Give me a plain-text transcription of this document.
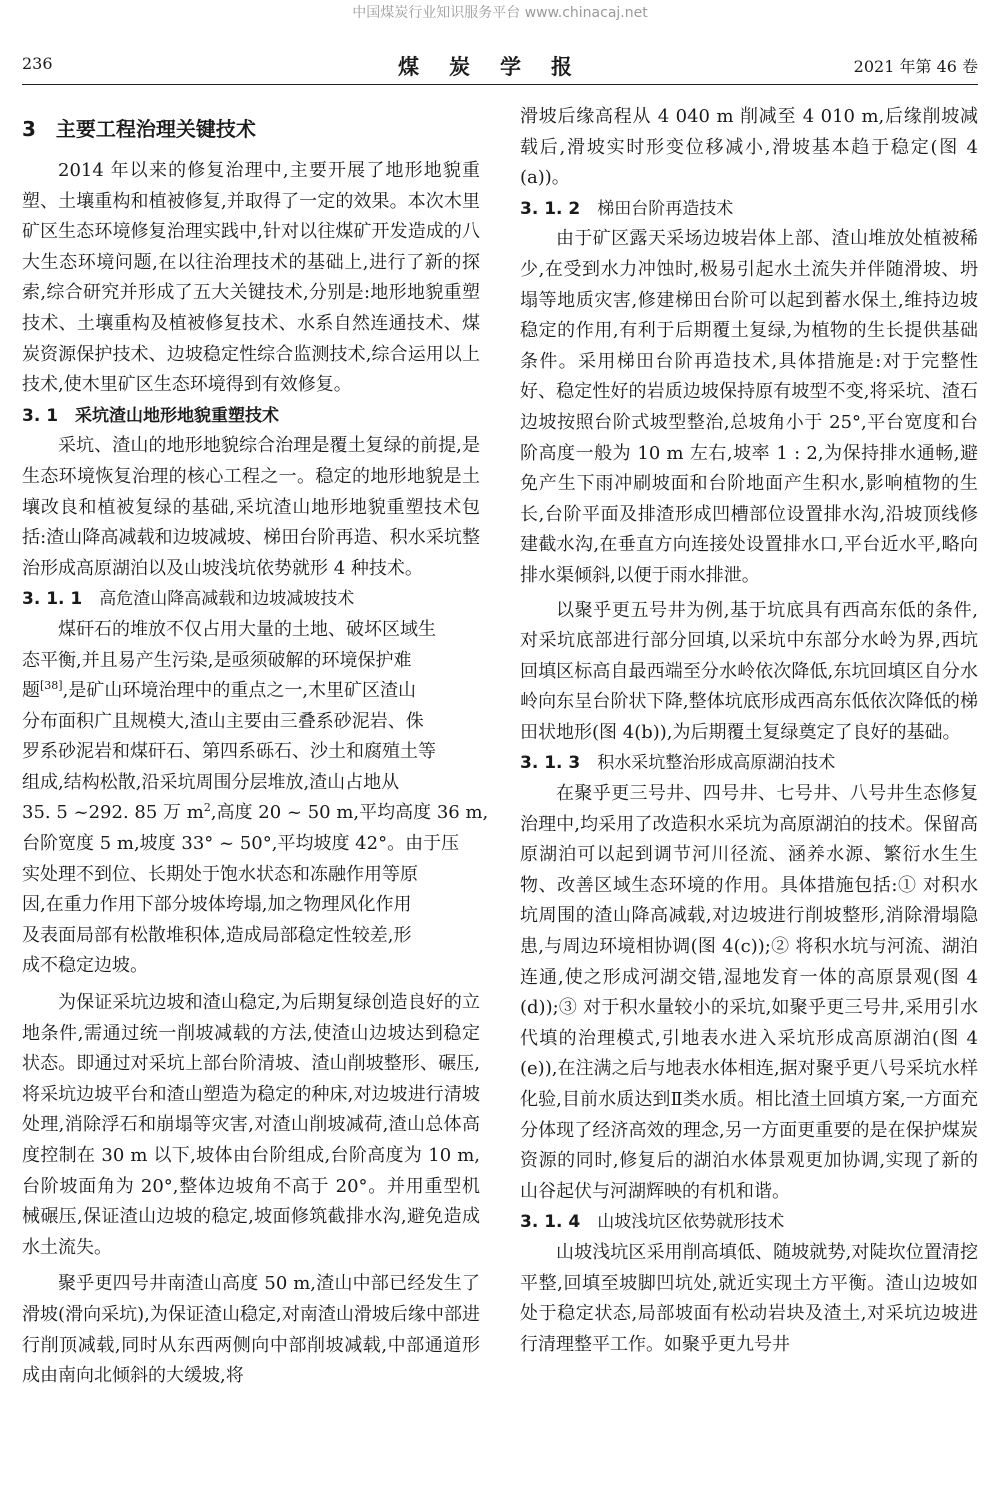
中国煤炭行业知识服务平台 www.chinacaj.net
236	煤炭学报	2021 年第 46 卷
3  主要工程治理关键技术

2014 年以来的修复治理中,主要开展了地形地貌重塑、土壤重构和植被修复,并取得了一定的效果。本次木里矿区生态环境修复治理实践中,针对以往煤矿开发造成的八大生态环境问题,在以往治理技术的基础上,进行了新的探索,综合研究并形成了五大关键技术,分别是:地形地貌重塑技术、土壤重构及植被修复技术、水系自然连通技术、煤炭资源保护技术、边坡稳定性综合监测技术,综合运用以上技术,使木里矿区生态环境得到有效修复。

3. 1  采坑渣山地形地貌重塑技术

采坑、渣山的地形地貌综合治理是覆土复绿的前提,是生态环境恢复治理的核心工程之一。稳定的地形地貌是土壤改良和植被复绿的基础,采坑渣山地形地貌重塑技术包括:渣山降高减载和边坡减坡、梯田台阶再造、积水采坑整治形成高原湖泊以及山坡浅坑依势就形 4 种技术。

3. 1. 1  高危渣山降高减载和边坡减坡技术

煤矸石的堆放不仅占用大量的土地、破坏区域生
态平衡,并且易产生污染,是亟须破解的环境保护难
题[38],是矿山环境治理中的重点之一,木里矿区渣山
分布面积广且规模大,渣山主要由三叠系砂泥岩、侏
罗系砂泥岩和煤矸石、第四系砾石、沙土和腐殖土等
组成,结构松散,沿采坑周围分层堆放,渣山占地从
35. 5 ~292. 85 万 $m^2$,高度 20 ~ 50 m,平均高度 36 m,
台阶宽度 5 m,坡度 33° ~ 50°,平均坡度 42°。由于压
实处理不到位、长期处于饱水状态和冻融作用等原
因,在重力作用下部分坡体垮塌,加之物理风化作用
及表面局部有松散堆积体,造成局部稳定性较差,形
成不稳定边坡。

为保证采坑边坡和渣山稳定,为后期复绿创造良好的立地条件,需通过统一削坡减载的方法,使渣山边坡达到稳定状态。即通过对采坑上部台阶清坡、渣山削坡整形、碾压,将采坑边坡平台和渣山塑造为稳定的种床,对边坡进行清坡处理,消除浮石和崩塌等灾害,对渣山削坡减荷,渣山总体高度控制在 30 m 以下,坡体由台阶组成,台阶高度为 10 m,台阶坡面角为 20°,整体边坡角不高于 20°。并用重型机械碾压,保证渣山边坡的稳定,坡面修筑截排水沟,避免造成水土流失。

聚乎更四号井南渣山高度 50 m,渣山中部已经发生了滑坡(滑向采坑),为保证渣山稳定,对南渣山滑坡后缘中部进行削顶减载,同时从东西两侧向中部削坡减载,中部通道形成由南向北倾斜的大缓坡,将

滑坡后缘高程从 4 040 m 削减至 4 010 m,后缘削坡减载后,滑坡实时形变位移减小,滑坡基本趋于稳定(图 4(a))。

3. 1. 2  梯田台阶再造技术

由于矿区露天采场边坡岩体上部、渣山堆放处植被稀少,在受到水力冲蚀时,极易引起水土流失并伴随滑坡、坍塌等地质灾害,修建梯田台阶可以起到蓄水保土,维持边坡稳定的作用,有利于后期覆土复绿,为植物的生长提供基础条件。采用梯田台阶再造技术,具体措施是:对于完整性好、稳定性好的岩质边坡保持原有坡型不变,将采坑、渣石边坡按照台阶式坡型整治,总坡角小于 25°,平台宽度和台阶高度一般为 10 m 左右,坡率 1 : 2,为保持排水通畅,避免产生下雨冲刷坡面和台阶地面产生积水,影响植物的生长,台阶平面及排渣形成凹槽部位设置排水沟,沿坡顶线修建截水沟,在垂直方向连接处设置排水口,平台近水平,略向排水渠倾斜,以便于雨水排泄。

以聚乎更五号井为例,基于坑底具有西高东低的条件,对采坑底部进行部分回填,以采坑中东部分水岭为界,西坑回填区标高自最西端至分水岭依次降低,东坑回填区自分水岭向东呈台阶状下降,整体坑底形成西高东低依次降低的梯田状地形(图 4(b)),为后期覆土复绿奠定了良好的基础。

3. 1. 3  积水采坑整治形成高原湖泊技术

在聚乎更三号井、四号井、七号井、八号井生态修复治理中,均采用了改造积水采坑为高原湖泊的技术。保留高原湖泊可以起到调节河川径流、涵养水源、繁衍水生生物、改善区域生态环境的作用。具体措施包括:① 对积水坑周围的渣山降高减载,对边坡进行削坡整形,消除滑塌隐患,与周边环境相协调(图 4(c));② 将积水坑与河流、湖泊连通,使之形成河湖交错,湿地发育一体的高原景观(图 4(d));③ 对于积水量较小的采坑,如聚乎更三号井,采用引水代填的治理模式,引地表水进入采坑形成高原湖泊(图 4(e)),在注满之后与地表水体相连,据对聚乎更八号采坑水样化验,目前水质达到Ⅱ类水质。相比渣土回填方案,一方面充分体现了经济高效的理念,另一方面更重要的是在保护煤炭资源的同时,修复后的湖泊水体景观更加协调,实现了新的山谷起伏与河湖辉映的有机和谐。

3. 1. 4  山坡浅坑区依势就形技术

山坡浅坑区采用削高填低、随坡就势,对陡坎位置清挖平整,回填至坡脚凹坑处,就近实现土方平衡。渣山边坡如处于稳定状态,局部坡面有松动岩块及渣土,对采坑边坡进行清理整平工作。如聚乎更九号井
